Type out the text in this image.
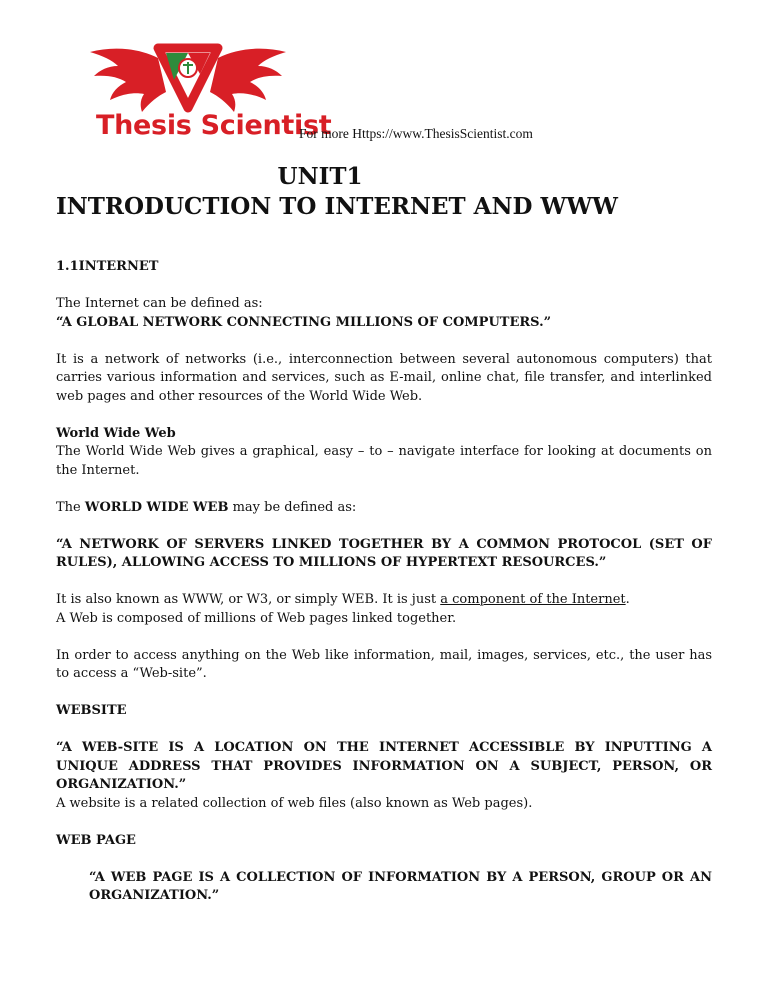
Thesis Scientist
For more Https://www.ThesisScientist.com
UNIT1
INTRODUCTION TO INTERNET AND WWW

1.1INTERNET

The Internet can be defined as:

“A GLOBAL NETWORK CONNECTING MILLIONS OF COMPUTERS.”

It is a network of networks (i.e., interconnection between several autonomous computers) that carries various information and services, such as E-mail, online chat, file transfer, and interlinked web pages and other resources of the World Wide Web.

World Wide Web

The World Wide Web gives a graphical, easy – to – navigate interface for looking at documents on the Internet.

The WORLD WIDE WEB may be defined as:

“A NETWORK OF SERVERS LINKED TOGETHER BY A COMMON PROTOCOL (SET OF RULES), ALLOWING ACCESS TO MILLIONS OF HYPERTEXT RESOURCES.”

It is also known as WWW, or W3, or simply WEB. It is just a component of the Internet.

A Web is composed of millions of Web pages linked together.

In order to access anything on the Web like information, mail, images, services, etc., the user has to access a “Web-site”.

WEBSITE

“A WEB-SITE IS A LOCATION ON THE INTERNET ACCESSIBLE BY INPUTTING A UNIQUE ADDRESS THAT PROVIDES INFORMATION ON A SUBJECT, PERSON, OR ORGANIZATION.”

A website is a related collection of web files (also known as Web pages).

WEB PAGE

“A WEB PAGE IS A COLLECTION OF INFORMATION BY A PERSON, GROUP OR AN ORGANIZATION.”
